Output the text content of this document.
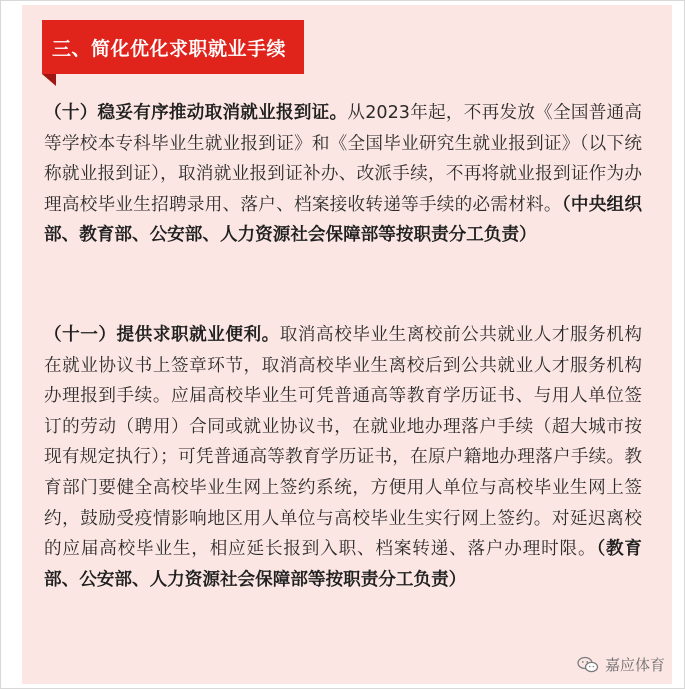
三、简化优化求职就业手续
（十）稳妥有序推动取消就业报到证。从2023年起，不再发放《全国普通高等学校本专科毕业生就业报到证》和《全国毕业研究生就业报到证》（以下统称就业报到证），取消就业报到证补办、改派手续，不再将就业报到证作为办理高校毕业生招聘录用、落户、档案接收转递等手续的必需材料。（中央组织部、教育部、公安部、人力资源社会保障部等按职责分工负责）
（十一）提供求职就业便利。取消高校毕业生离校前公共就业人才服务机构在就业协议书上签章环节，取消高校毕业生离校后到公共就业人才服务机构办理报到手续。应届高校毕业生可凭普通高等教育学历证书、与用人单位签订的劳动（聘用）合同或就业协议书，在就业地办理落户手续（超大城市按现有规定执行）；可凭普通高等教育学历证书，在原户籍地办理落户手续。教育部门要健全高校毕业生网上签约系统，方便用人单位与高校毕业生网上签约，鼓励受疫情影响地区用人单位与高校毕业生实行网上签约。对延迟离校的应届高校毕业生，相应延长报到入职、档案转递、落户办理时限。（教育部、公安部、人力资源社会保障部等按职责分工负责）
嘉应体育
